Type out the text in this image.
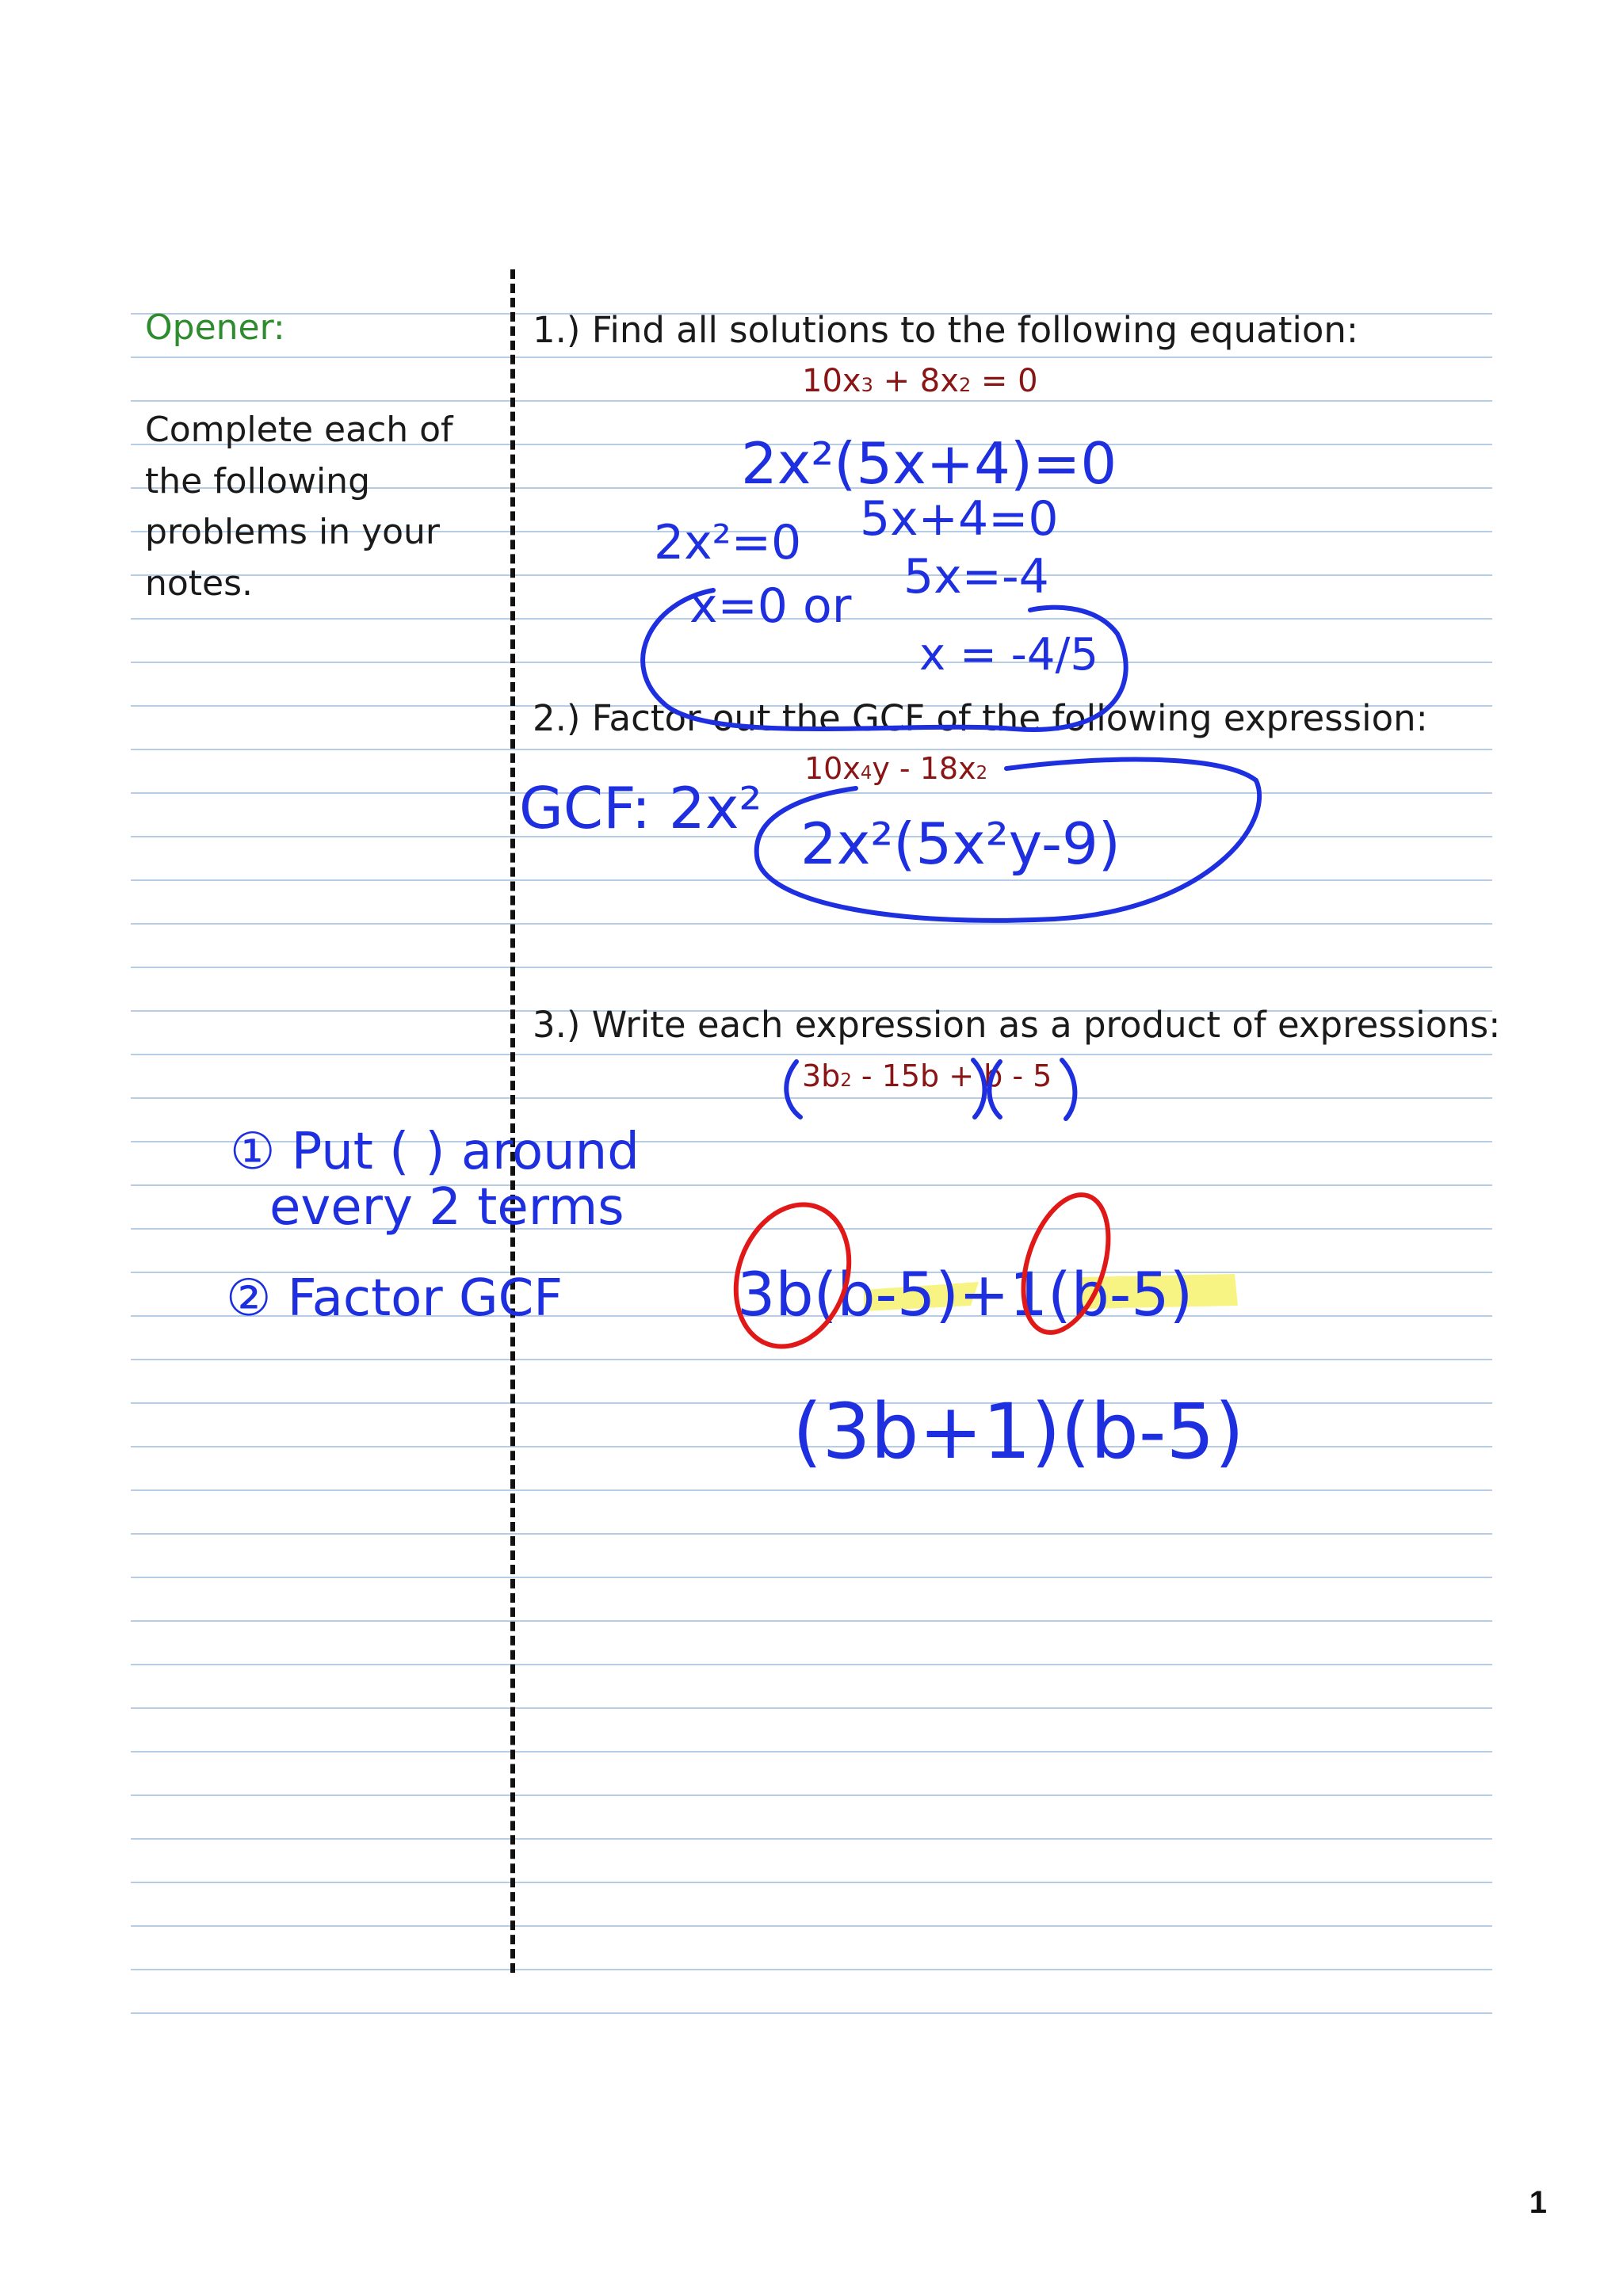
Opener:
Complete each of
the following
problems in your
notes.
1.) Find all solutions to the following equation:
$10x^3 + 8x^2 = 0$
2.) Factor out the GCF of the following expression:
$10x^4y - 18x^2$
3.) Write each expression as a product of expressions:
$3b^2 - 15b + b - 5$
2x²(5x+4)=0
2x²=0 5x+4=0
x=0 or
5x=-4
x = -4/5
GCF: 2x²
2x²(5x²y-9)
3b(b-5)+1(b-5)
(3b+1)(b-5)
① Put ( ) around
every 2 terms
② Factor GCF
1
